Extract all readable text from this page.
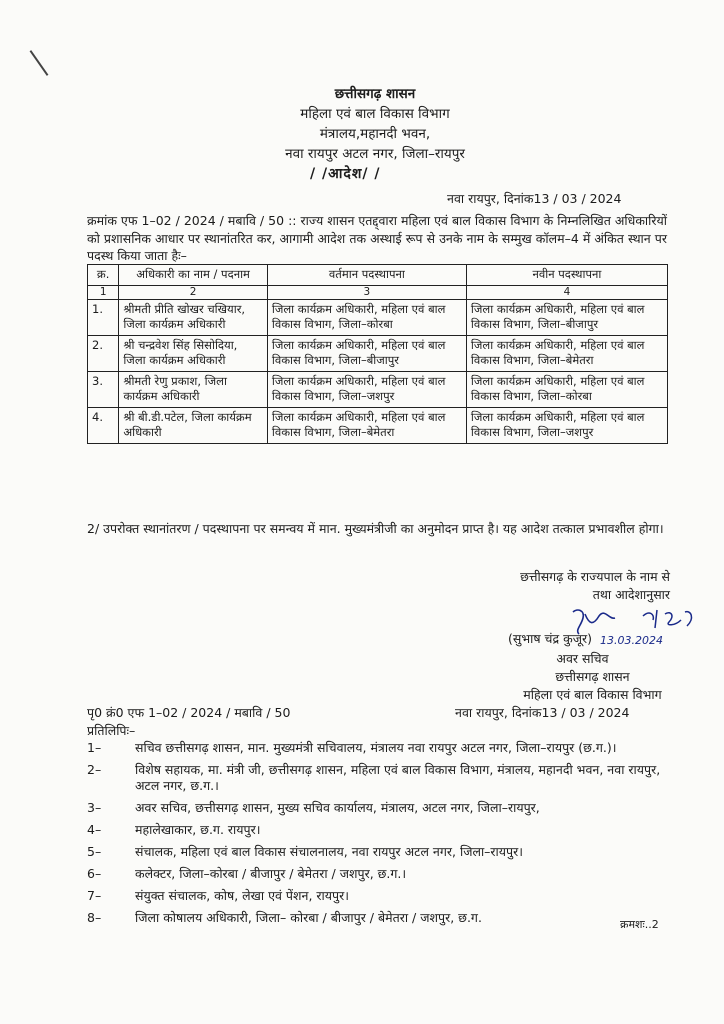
छत्तीसगढ़ शासन
महिला एवं बाल विकास विभाग
मंत्रालय,महानदी भवन,
नवा रायपुर अटल नगर, जिला–रायपुर
/ /आदेश/ /
नवा रायपुर, दिनांक13 / 03 / 2024
क्रमांक एफ 1–02 / 2024 / मबावि / 50 :: राज्य शासन एतद्द्वारा महिला एवं बाल विकास विभाग के निम्नलिखित अधिकारियों को प्रशासनिक आधार पर स्थानांतरित कर, आगामी आदेश तक अस्थाई रूप से उनके नाम के सम्मुख कॉलम–4 में अंकित स्थान पर पदस्थ किया जाता हैः–
क्र.	अधिकारी का नाम / पदनाम	वर्तमान पदस्थापना	नवीन पदस्थापना
1	2	3	4
1.	श्रीमती प्रीति खोखर चखियार, जिला कार्यक्रम अधिकारी	जिला कार्यक्रम अधिकारी, महिला एवं बाल विकास विभाग, जिला–कोरबा	जिला कार्यक्रम अधिकारी, महिला एवं बाल विकास विभाग, जिला–बीजापुर
2.	श्री चन्द्रवेश सिंह सिसोदिया, जिला कार्यक्रम अधिकारी	जिला कार्यक्रम अधिकारी, महिला एवं बाल विकास विभाग, जिला–बीजापुर	जिला कार्यक्रम अधिकारी, महिला एवं बाल विकास विभाग, जिला–बेमेतरा
3.	श्रीमती रेणु प्रकाश, जिला कार्यक्रम अधिकारी	जिला कार्यक्रम अधिकारी, महिला एवं बाल विकास विभाग, जिला–जशपुर	जिला कार्यक्रम अधिकारी, महिला एवं बाल विकास विभाग, जिला–कोरबा
4.	श्री बी.डी.पटेल, जिला कार्यक्रम अधिकारी	जिला कार्यक्रम अधिकारी, महिला एवं बाल विकास विभाग, जिला–बेमेतरा	जिला कार्यक्रम अधिकारी, महिला एवं बाल विकास विभाग, जिला–जशपुर
2/ उपरोक्त स्थानांतरण / पदस्थापना पर समन्वय में मान. मुख्यमंत्रीजी का अनुमोदन प्राप्त है। यह आदेश तत्काल प्रभावशील होगा।
छत्तीसगढ़ के राज्यपाल के नाम से
तथा आदेशानुसार
(सुभाष चंद्र कुजूर) 13.03.2024
अवर सचिव
छत्तीसगढ़ शासन
महिला एवं बाल विकास विभाग
नवा रायपुर, दिनांक13 / 03 / 2024
पृ0 क्रं0 एफ 1–02 / 2024 / मबावि / 50
प्रतिलिपिः–
1–	सचिव छत्तीसगढ़ शासन, मान. मुख्यमंत्री सचिवालय, मंत्रालय नवा रायपुर अटल नगर, जिला–रायपुर (छ.ग.)।
2–	विशेष सहायक, मा. मंत्री जी, छत्तीसगढ़ शासन, महिला एवं बाल विकास विभाग, मंत्रालय, महानदी भवन, नवा रायपुर, अटल नगर, छ.ग.।
3–	अवर सचिव, छत्तीसगढ़ शासन, मुख्य सचिव कार्यालय, मंत्रालय, अटल नगर, जिला–रायपुर,
4–	महालेखाकार, छ.ग. रायपुर।
5–	संचालक, महिला एवं बाल विकास संचालनालय, नवा रायपुर अटल नगर, जिला–रायपुर।
6–	कलेक्टर, जिला–कोरबा / बीजापुर / बेमेतरा / जशपुर, छ.ग.।
7–	संयुक्त संचालक, कोष, लेखा एवं पेंशन, रायपुर।
8–	जिला कोषालय अधिकारी, जिला– कोरबा / बीजापुर / बेमेतरा / जशपुर, छ.ग.	क्रमशः..2
